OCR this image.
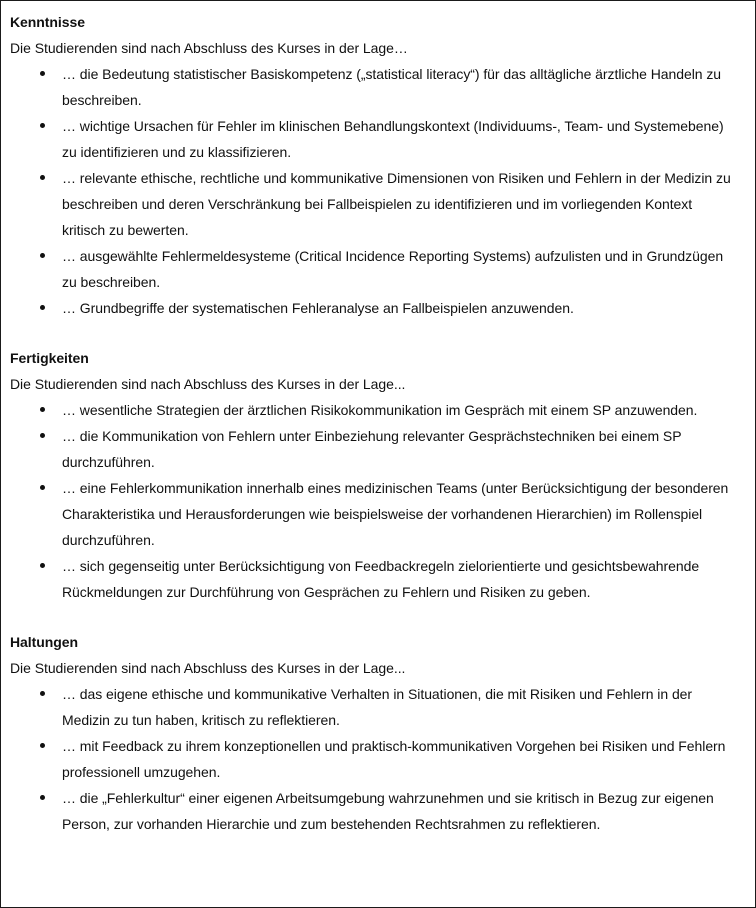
Kenntnisse

Die Studierenden sind nach Abschluss des Kurses in der Lage…

… die Bedeutung statistischer Basiskompetenz („statistical literacy“) für das alltägliche ärztliche Handeln zu beschreiben.
… wichtige Ursachen für Fehler im klinischen Behandlungskontext (Individuums-, Team- und Systemebene) zu identifizieren und zu klassifizieren.
… relevante ethische, rechtliche und kommunikative Dimensionen von Risiken und Fehlern in der Medizin zu beschreiben und deren Verschränkung bei Fallbeispielen zu identifizieren und im vorliegenden Kontext kritisch zu bewerten.
… ausgewählte Fehlermeldesysteme (Critical Incidence Reporting Systems) aufzulisten und in Grundzügen zu beschreiben.
… Grundbegriffe der systematischen Fehleranalyse an Fallbeispielen anzuwenden.

Fertigkeiten

Die Studierenden sind nach Abschluss des Kurses in der Lage...

… wesentliche Strategien der ärztlichen Risikokommunikation im Gespräch mit einem SP anzuwenden.
… die Kommunikation von Fehlern unter Einbeziehung relevanter Gesprächstechniken bei einem SP durchzuführen.
… eine Fehlerkommunikation innerhalb eines medizinischen Teams (unter Berücksichtigung der besonderen Charakteristika und Herausforderungen wie beispielsweise der vorhandenen Hierarchien) im Rollenspiel durchzuführen.
… sich gegenseitig unter Berücksichtigung von Feedbackregeln zielorientierte und gesichtsbewahrende Rückmeldungen zur Durchführung von Gesprächen zu Fehlern und Risiken zu geben.

Haltungen

Die Studierenden sind nach Abschluss des Kurses in der Lage...

… das eigene ethische und kommunikative Verhalten in Situationen, die mit Risiken und Fehlern in der Medizin zu tun haben, kritisch zu reflektieren.
… mit Feedback zu ihrem konzeptionellen und praktisch-kommunikativen Vorgehen bei Risiken und Fehlern professionell umzugehen.
… die „Fehlerkultur“ einer eigenen Arbeitsumgebung wahrzunehmen und sie kritisch in Bezug zur eigenen Person, zur vorhanden Hierarchie und zum bestehenden Rechtsrahmen zu reflektieren.
